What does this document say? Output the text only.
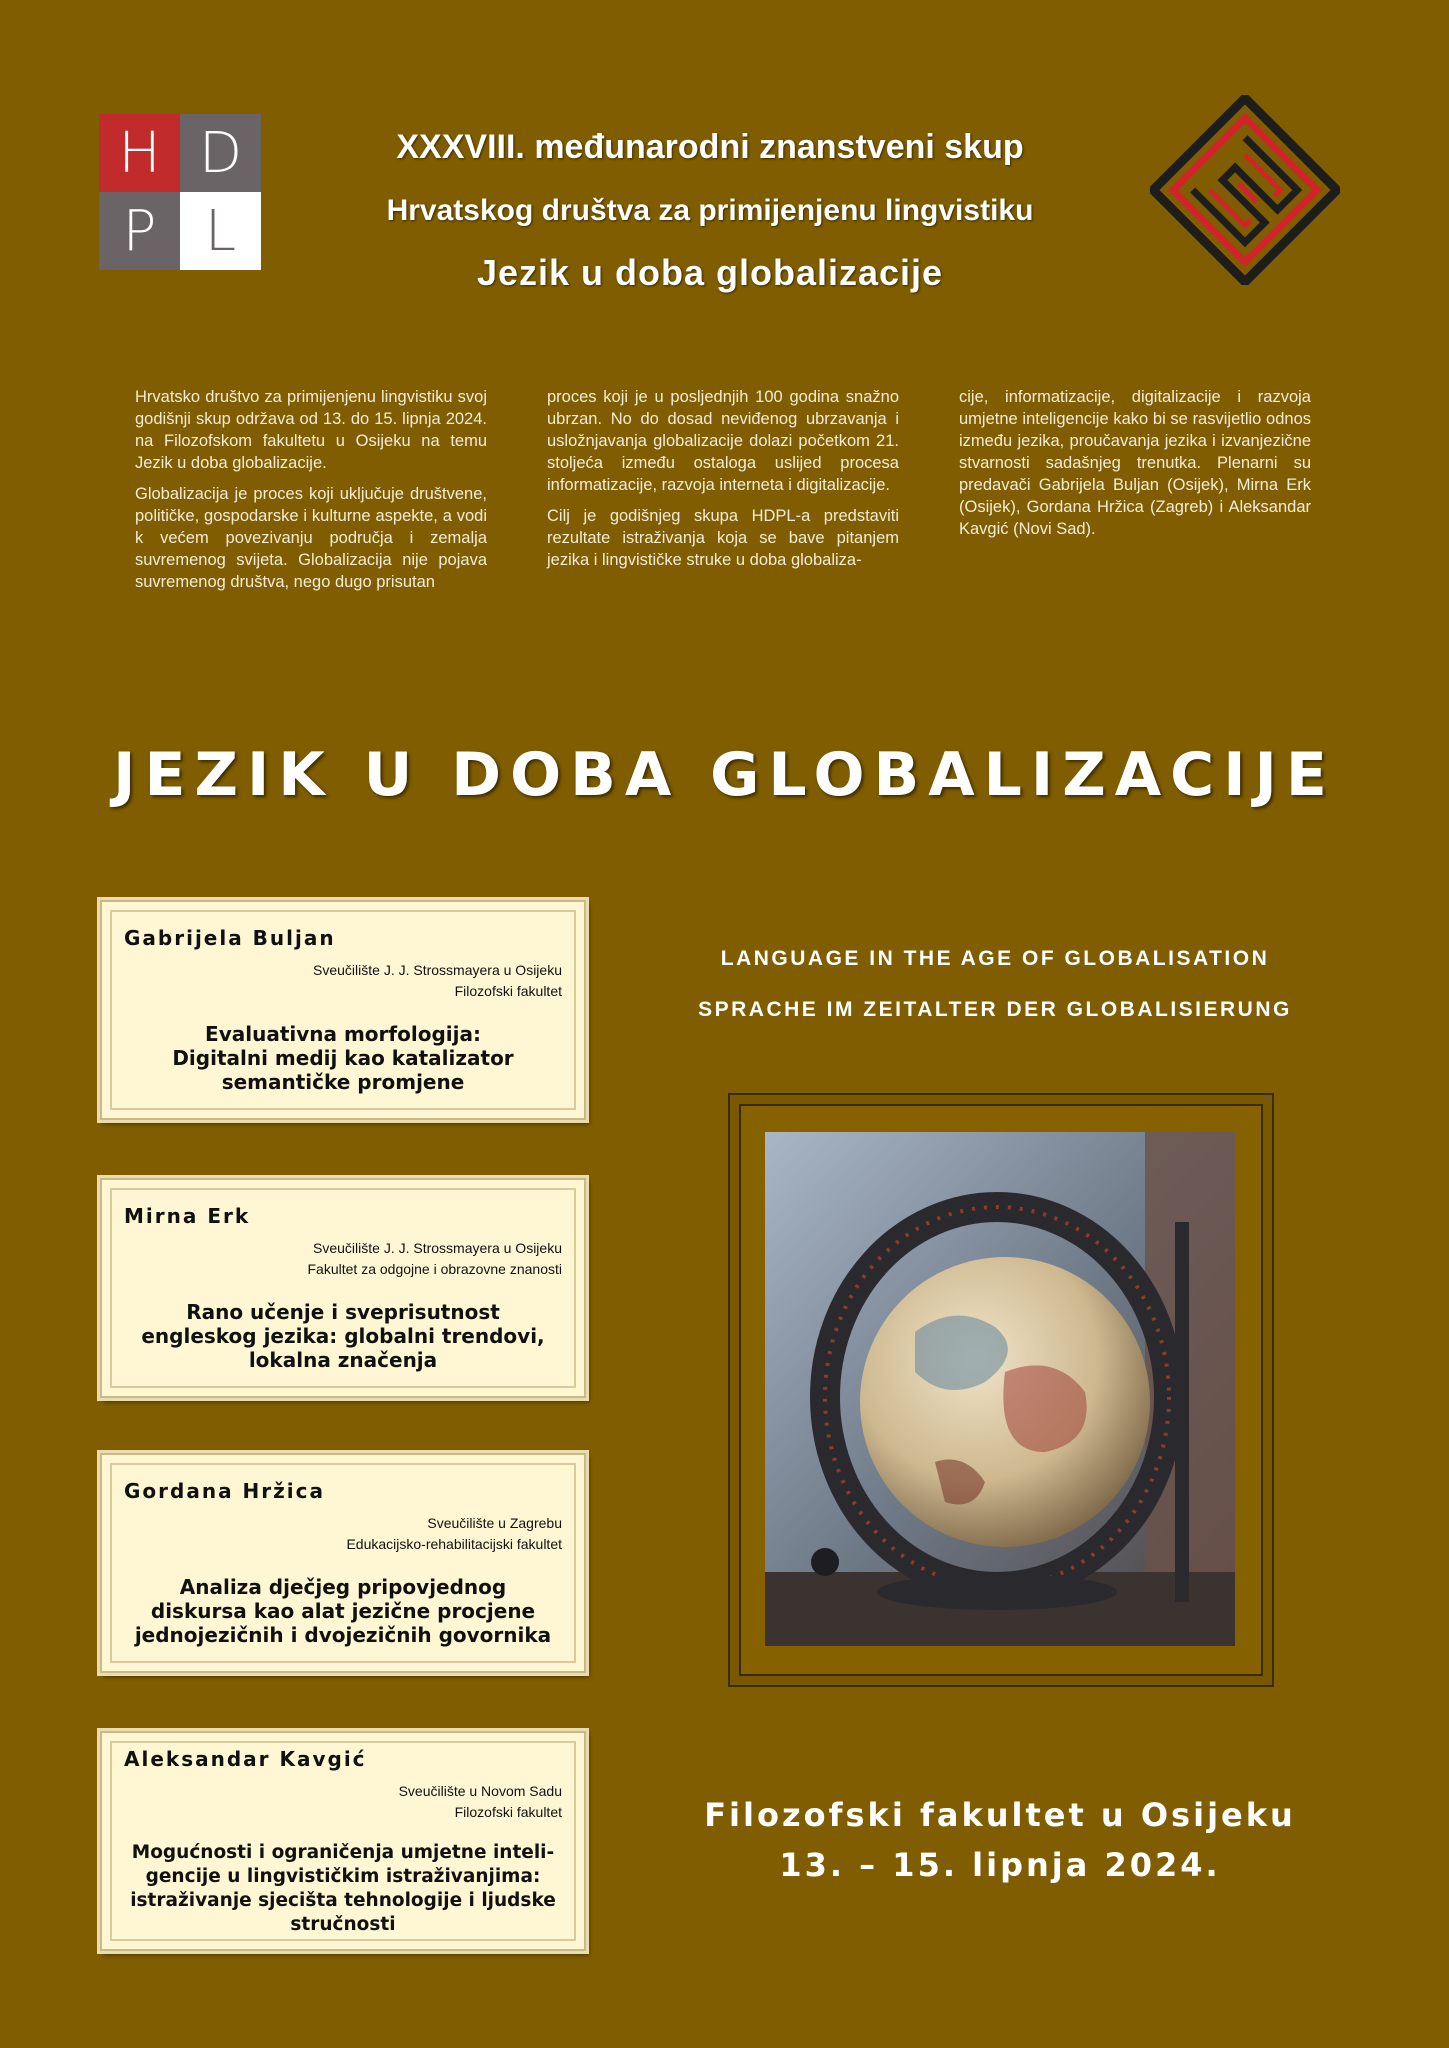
H D
P L
XXXVIII. međunarodni znanstveni skup
Hrvatskog društva za primijenjenu lingvistiku
Jezik u doba globalizacije

Hrvatsko društvo za primijenjenu lingvistiku svoj godišnji skup održava od 13. do 15. lipnja 2024. na Filozofskom fakultetu u Osijeku na temu Jezik u doba globalizacije.

Globalizacija je proces koji uključuje društvene, političke, gospodarske i kulturne aspekte, a vodi k većem povezivanju područja i zemalja suvremenog svijeta. Globalizacija nije pojava suvremenog društva, nego dugo prisutan

proces koji je u posljednjih 100 godina snažno ubrzan. No do dosad neviđenog ubrzavanja i usložnjavanja globalizacije dolazi početkom 21. stoljeća između ostaloga uslijed procesa informatizacije, razvoja interneta i digitalizacije.

Cilj je godišnjeg skupa HDPL-a predstaviti rezultate istraživanja koja se bave pitanjem jezika i lingvističke struke u doba globaliza-

cije, informatizacije, digitalizacije i razvoja umjetne inteligencije kako bi se rasvijetlio odnos između jezika, proučavanja jezika i izvanjezične stvarnosti sadašnjeg trenutka. Plenarni su predavači Gabrijela Buljan (Osijek), Mirna Erk (Osijek), Gordana Hržica (Zagreb) i Aleksandar Kavgić (Novi Sad).

JEZIK U DOBA GLOBALIZACIJE
LANGUAGE IN THE AGE OF GLOBALISATION
SPRACHE IM ZEITALTER DER GLOBALISIERUNG
Gabrijela Buljan
Sveučilište J. J. Strossmayera u Osijeku
Filozofski fakultet
Evaluativna morfologija:
Digitalni medij kao katalizator
semantičke promjene
Mirna Erk
Sveučilište J. J. Strossmayera u Osijeku
Fakultet za odgojne i obrazovne znanosti
Rano učenje i sveprisutnost
engleskog jezika: globalni trendovi,
lokalna značenja
Gordana Hržica
Sveučilište u Zagrebu
Edukacijsko-rehabilitacijski fakultet
Analiza dječjeg pripovjednog
diskursa kao alat jezične procjene
jednojezičnih i dvojezičnih govornika
Aleksandar Kavgić
Sveučilište u Novom Sadu
Filozofski fakultet
Mogućnosti i ograničenja umjetne inteli-
gencije u lingvističkim istraživanjima:
istraživanje sjecišta tehnologije i ljudske
stručnosti
Filozofski fakultet u Osijeku
13. – 15. lipnja 2024.
